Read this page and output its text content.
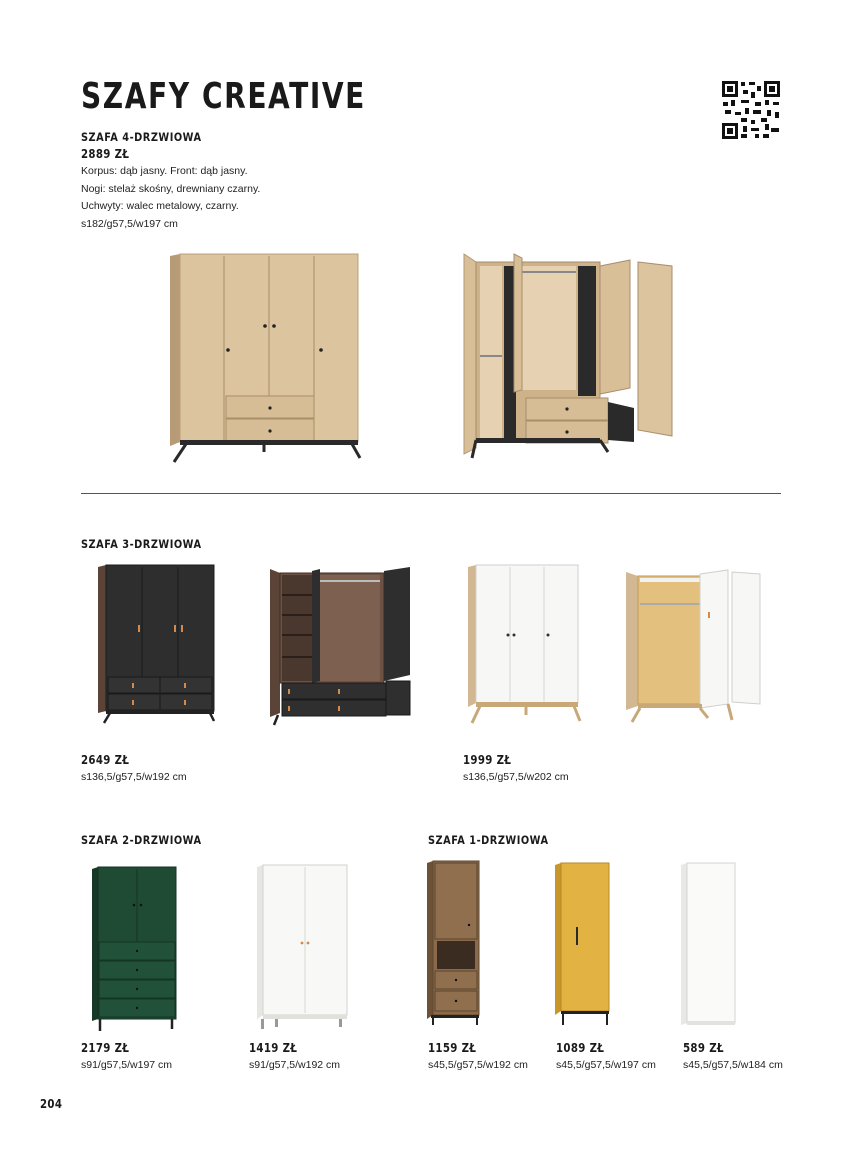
SZAFY CREATIVE
SZAFA 4-DRZWIOWA
2889 ZŁ
Korpus: dąb jasny. Front: dąb jasny.
Nogi: stelaż skośny, drewniany czarny.
Uchwyty: walec metalowy, czarny.
s182/g57,5/w197 cm
SZAFA 3-DRZWIOWA
2649 ZŁ
s136,5/g57,5/w192 cm
1999 ZŁ
s136,5/g57,5/w202 cm
SZAFA 2-DRZWIOWA
2179 ZŁ
s91/g57,5/w197 cm
1419 ZŁ
s91/g57,5/w192 cm
SZAFA 1-DRZWIOWA
1159 ZŁ
s45,5/g57,5/w192 cm
1089 ZŁ
s45,5/g57,5/w197 cm
589 ZŁ
s45,5/g57,5/w184 cm
204
